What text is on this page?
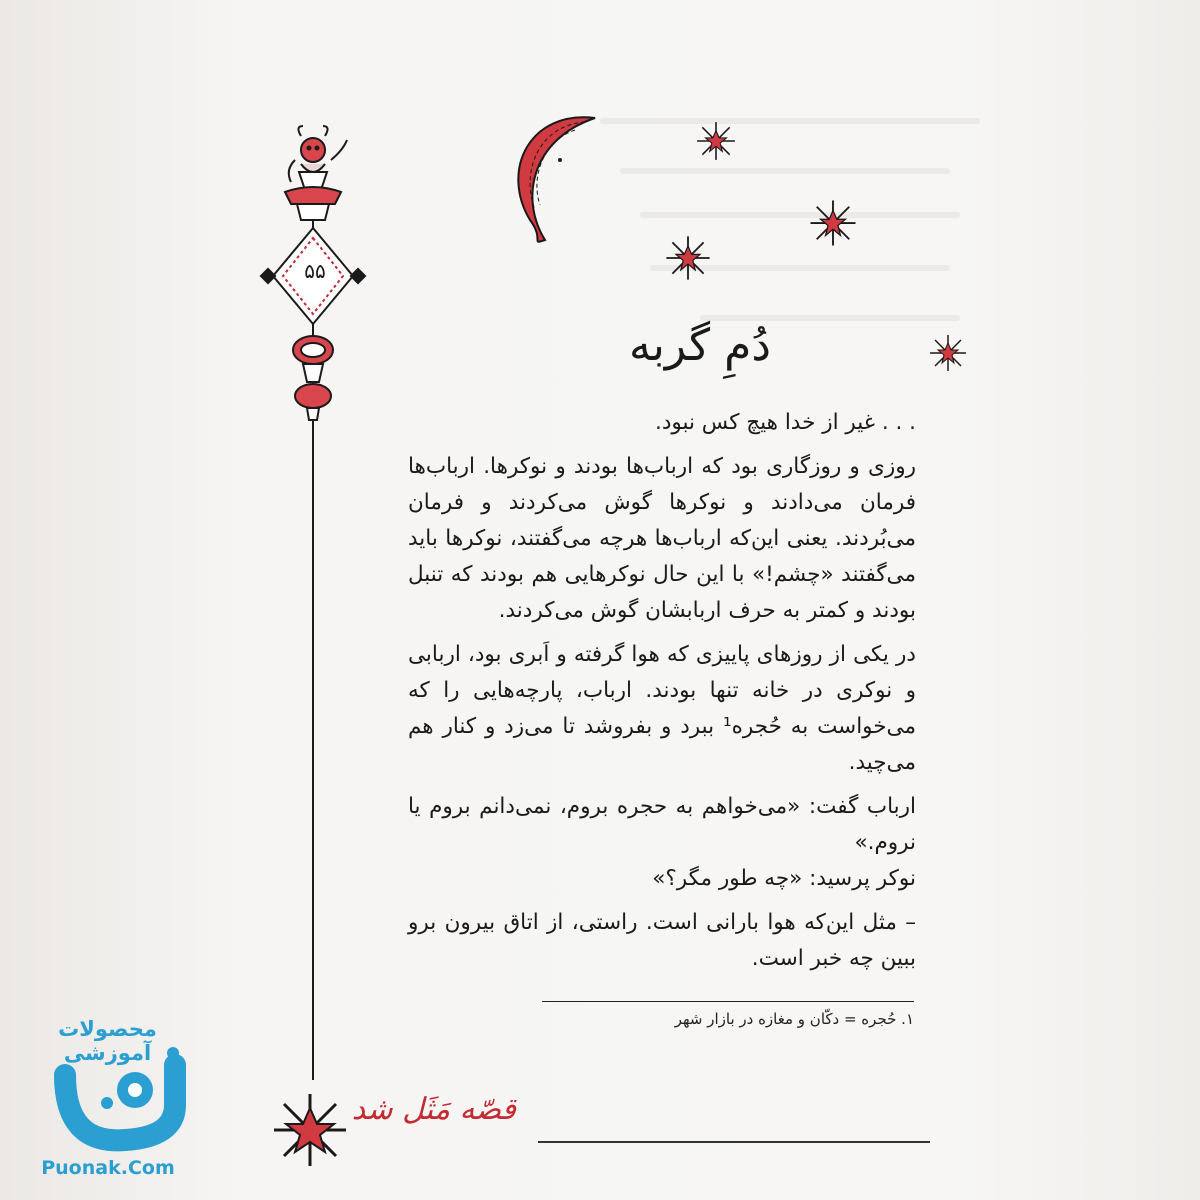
۵۵
دُمِ گربه

. . . غیر از خدا هیچ کس نبود.

روزی و روزگاری بود که ارباب‌ها بودند و نوکرها. ارباب‌ها فرمان می‌دادند و نوکرها گوش می‌کردند و فرمان می‌بُردند. یعنی این‌که ارباب‌ها هرچه می‌گفتند، نوکرها باید می‌گفتند «چشم!» با این حال نوکرهایی هم بودند که تنبل بودند و کمتر به حرف اربابشان گوش می‌کردند.

در یکی از روزهای پاییزی که هوا گرفته و اَبری بود، اربابی و نوکری در خانه تنها بودند. ارباب، پارچه‌هایی را که می‌خواست به حُجره¹ ببرد و بفروشد تا می‌زد و کنار هم می‌چید.

ارباب گفت: «می‌خواهم به حجره بروم، نمی‌دانم بروم یا نروم.»

نوکر پرسید: «چه طور مگر؟»

– مثل این‌که هوا بارانی است. راستی، از اتاق بیرون برو ببین چه خبر است.

۱. حُجره = دکّان و مغازه در بازار شهر
قصّه مَثَل شد
محصولات آموزشی
پونک
Puonak.Com
